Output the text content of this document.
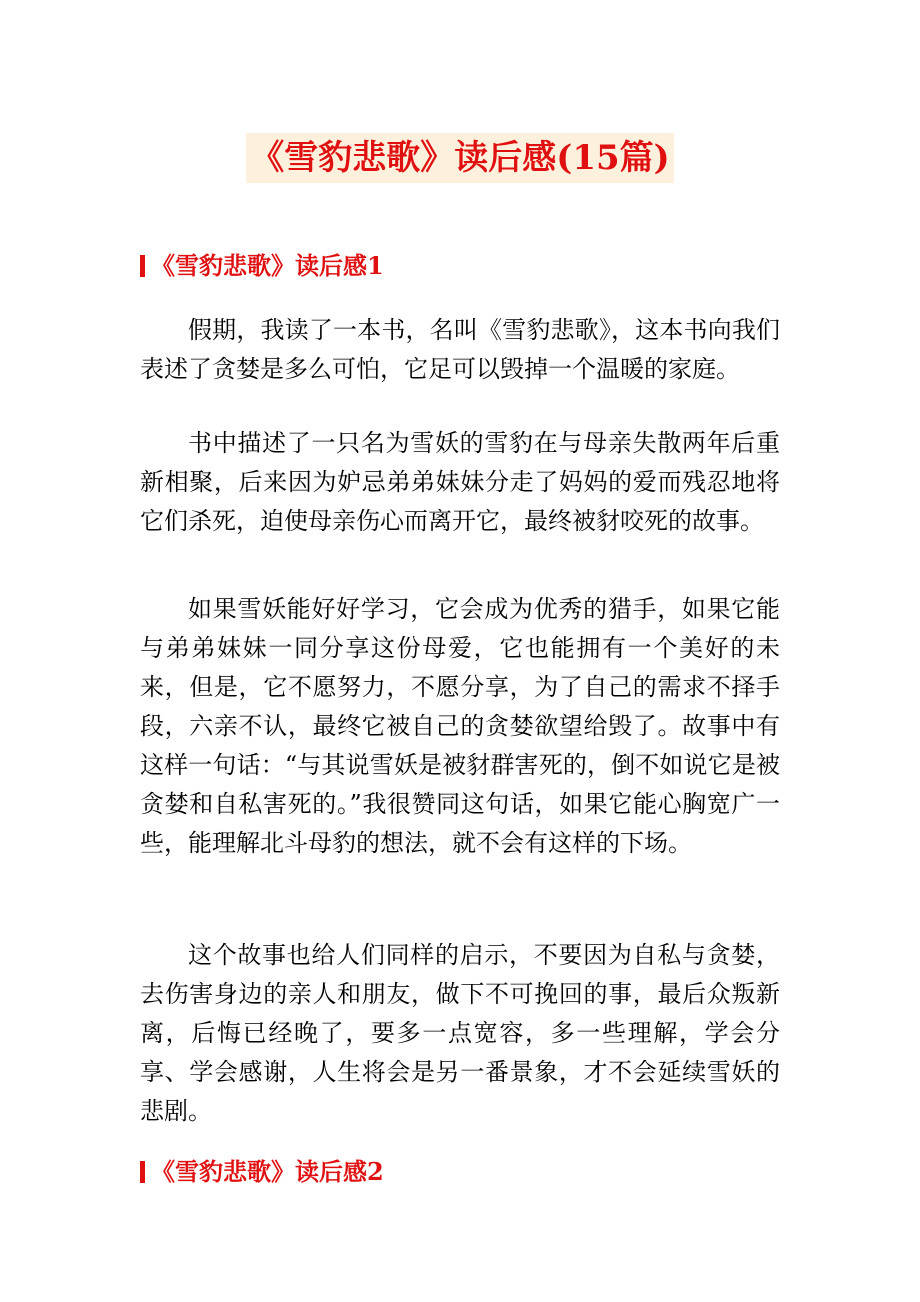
《雪豹悲歌》读后感(15篇)
《雪豹悲歌》读后感1

假期，我读了一本书，名叫《雪豹悲歌》，这本书向我们表述了贪婪是多么可怕，它足可以毁掉一个温暖的家庭。

书中描述了一只名为雪妖的雪豹在与母亲失散两年后重新相聚，后来因为妒忌弟弟妹妹分走了妈妈的爱而残忍地将它们杀死，迫使母亲伤心而离开它，最终被豺咬死的故事。

如果雪妖能好好学习，它会成为优秀的猎手，如果它能与弟弟妹妹一同分享这份母爱，它也能拥有一个美好的未来，但是，它不愿努力，不愿分享，为了自己的需求不择手段，六亲不认，最终它被自己的贪婪欲望给毁了。故事中有这样一句话：“与其说雪妖是被豺群害死的，倒不如说它是被贪婪和自私害死的。”我很赞同这句话，如果它能心胸宽广一些，能理解北斗母豹的想法，就不会有这样的下场。

这个故事也给人们同样的启示，不要因为自私与贪婪，去伤害身边的亲人和朋友，做下不可挽回的事，最后众叛新离，后悔已经晚了，要多一点宽容，多一些理解，学会分享、学会感谢，人生将会是另一番景象，才不会延续雪妖的悲剧。

《雪豹悲歌》读后感2
